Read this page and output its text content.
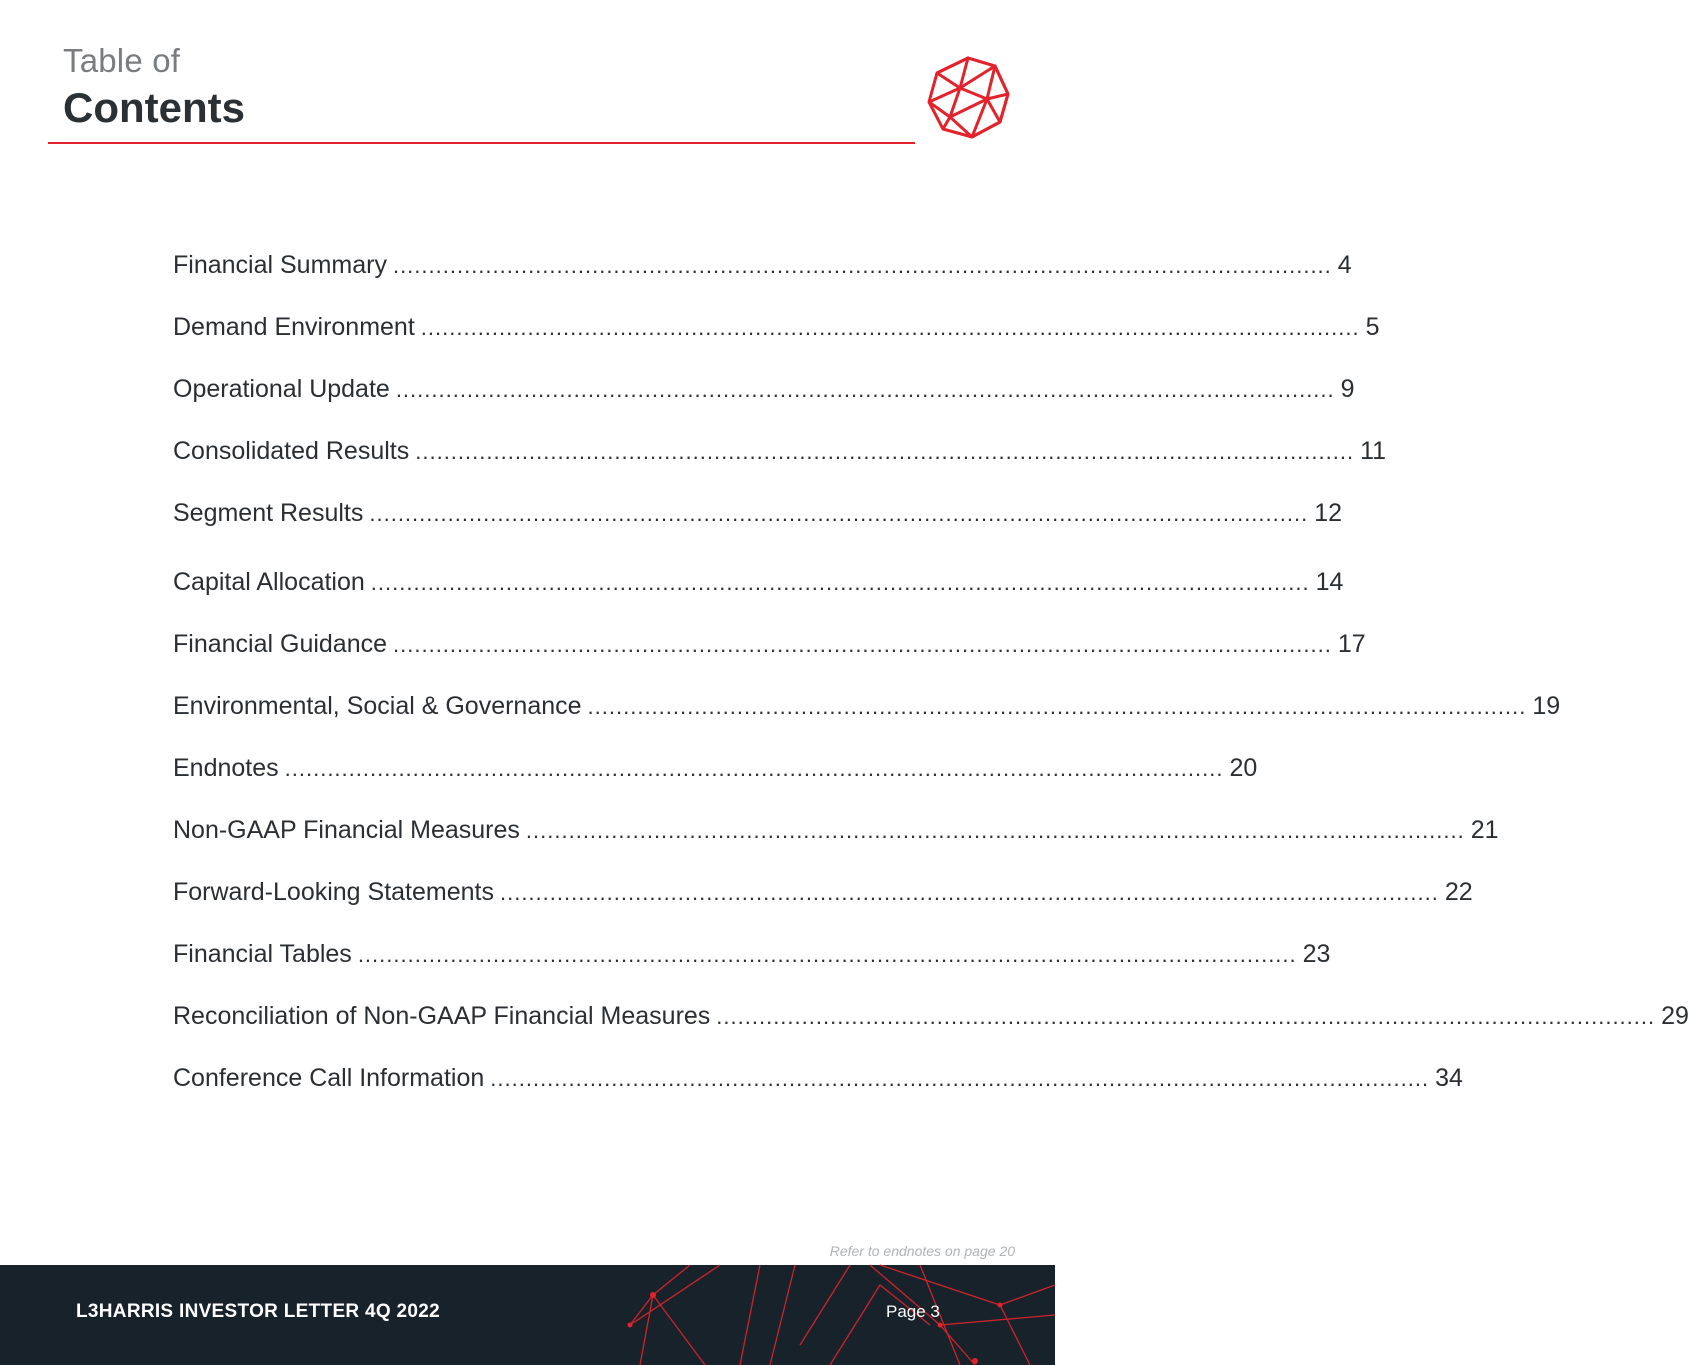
Table of
Contents
Financial Summary .................................................................................................................................... 4
Demand Environment .................................................................................................................................... 5
Operational Update .................................................................................................................................... 9
Consolidated Results .................................................................................................................................... 11
Segment Results .................................................................................................................................... 12
Capital Allocation .................................................................................................................................... 14
Financial Guidance .................................................................................................................................... 17
Environmental, Social & Governance .................................................................................................................................... 19
Endnotes .................................................................................................................................... 20
Non-GAAP Financial Measures .................................................................................................................................... 21
Forward-Looking Statements .................................................................................................................................... 22
Financial Tables .................................................................................................................................... 23
Reconciliation of Non-GAAP Financial Measures .................................................................................................................................... 29
Conference Call Information .................................................................................................................................... 34
Refer to endnotes on page 20
L3HARRIS INVESTOR LETTER 4Q 2022	Page 3
